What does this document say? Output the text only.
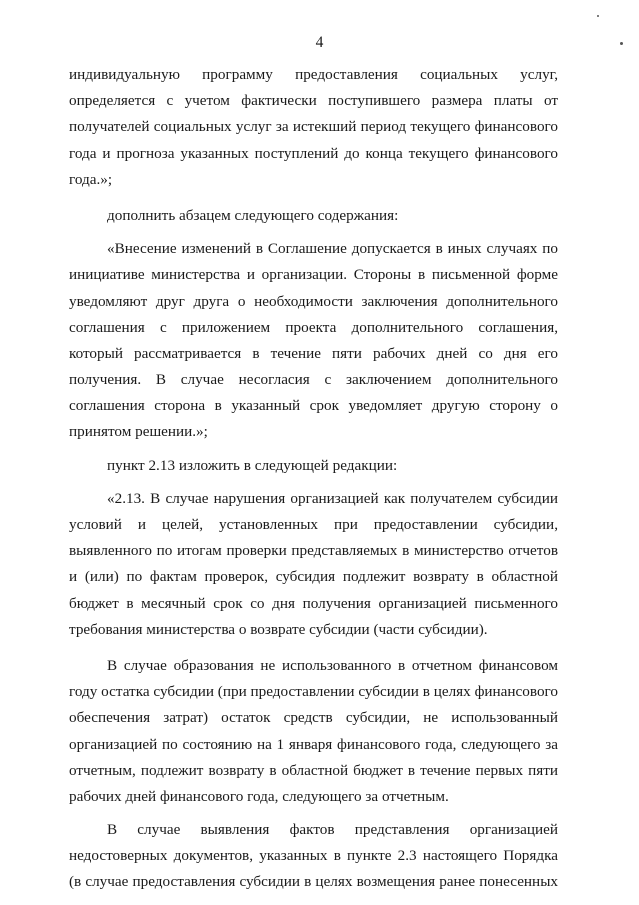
4
индивидуальную программу предоставления социальных услуг,
определяется с учетом фактически поступившего размера платы от
получателей социальных услуг за истекший период текущего финансового
года и прогноза указанных поступлений до конца текущего финансового
года.»;
дополнить абзацем следующего содержания:
«Внесение изменений в Соглашение допускается в иных случаях по
инициативе министерства и организации. Стороны в письменной форме
уведомляют друг друга о необходимости заключения дополнительного
соглашения с приложением проекта дополнительного соглашения,
который рассматривается в течение пяти рабочих дней со дня его
получения. В случае несогласия с заключением дополнительного
соглашения сторона в указанный срок уведомляет другую сторону о
принятом решении.»;
пункт 2.13 изложить в следующей редакции:
«2.13. В случае нарушения организацией как получателем субсидии
условий и целей, установленных при предоставлении субсидии,
выявленного по итогам проверки представляемых в министерство отчетов
и (или) по фактам проверок, субсидия подлежит возврату в областной
бюджет в месячный срок со дня получения организацией письменного
требования министерства о возврате субсидии (части субсидии).
В случае образования не использованного в отчетном финансовом
году остатка субсидии (при предоставлении субсидии в целях финансового
обеспечения затрат) остаток средств субсидии, не использованный
организацией по состоянию на 1 января финансового года, следующего за
отчетным, подлежит возврату в областной бюджет в течение первых пяти
рабочих дней финансового года, следующего за отчетным.
В случае выявления фактов представления организацией
недостоверных документов, указанных в пункте 2.3 настоящего Порядка
(в случае предоставления субсидии в целях возмещения ранее понесенных
